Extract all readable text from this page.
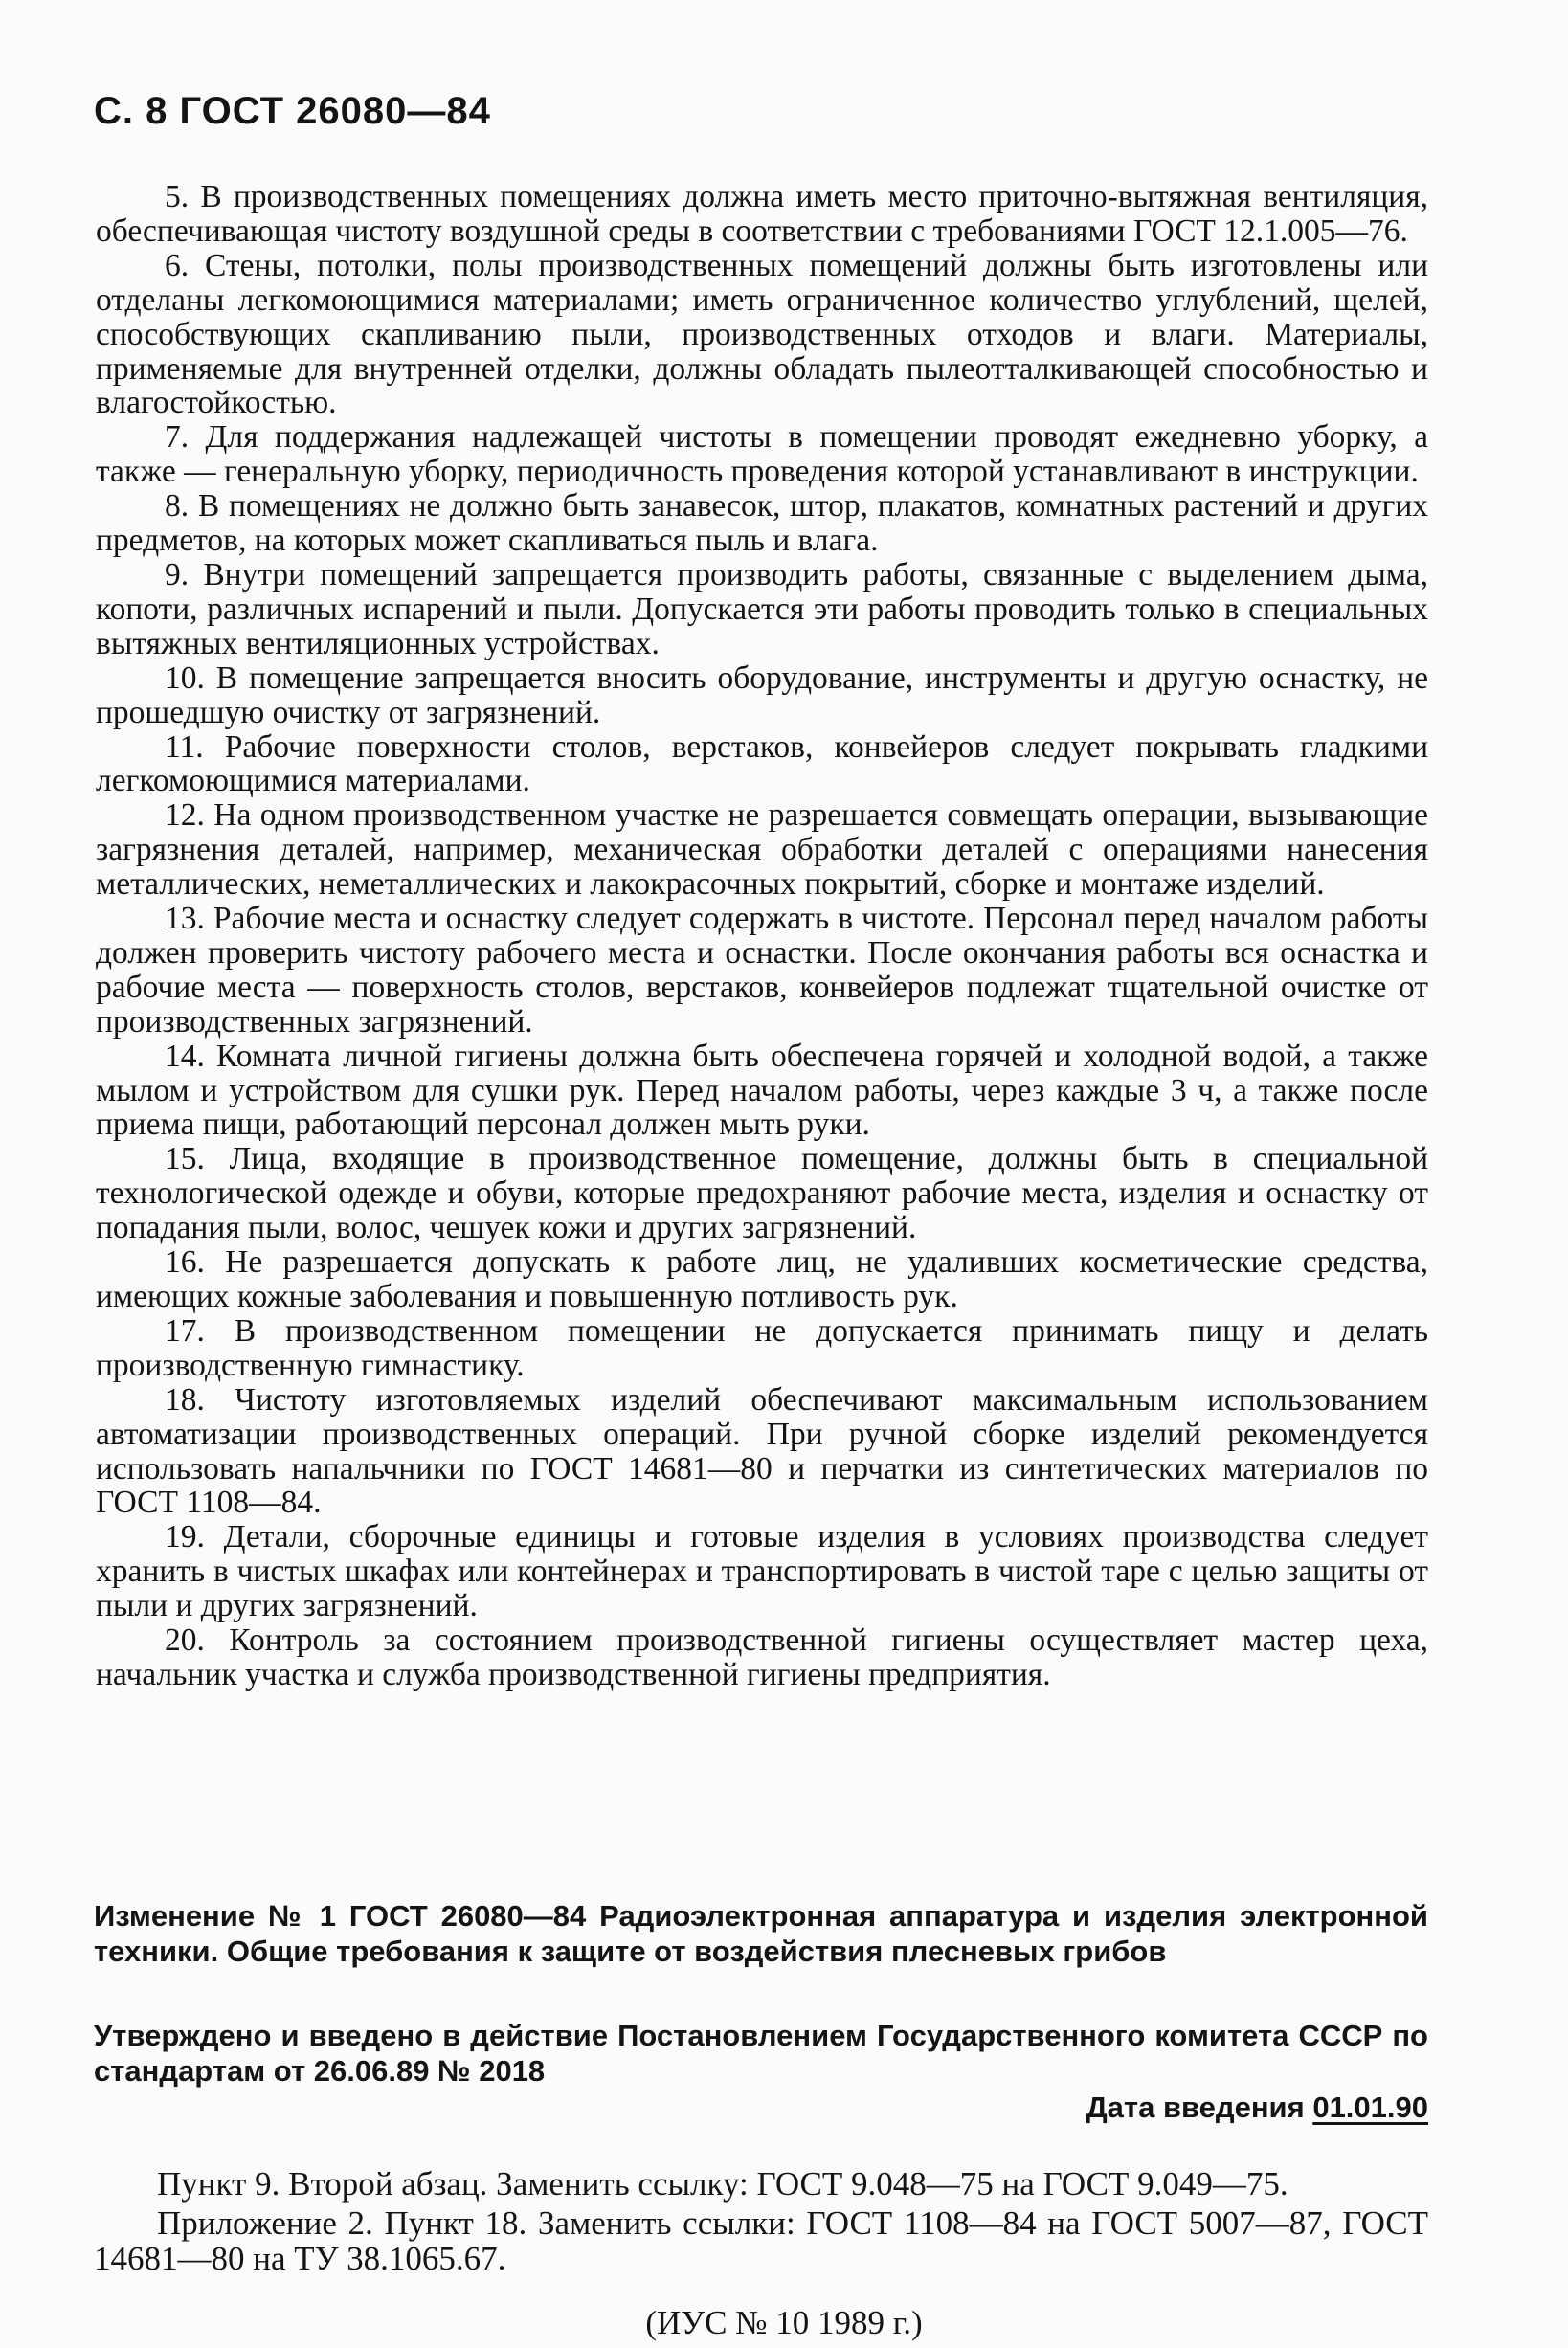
С. 8 ГОСТ 26080—84

5. В производственных помещениях должна иметь место приточно-вытяжная вентиляция, обеспечивающая чистоту воздушной среды в соответствии с требованиями ГОСТ 12.1.005—76.

6. Стены, потолки, полы производственных помещений должны быть изготовлены или отделаны легкомоющимися материалами; иметь ограниченное количество углублений, щелей, способствующих скапливанию пыли, производственных отходов и влаги. Материалы, применяемые для внутренней отделки, должны обладать пылеотталкивающей способностью и влагостойкостью.

7. Для поддержания надлежащей чистоты в помещении проводят ежедневно уборку, а также — генеральную уборку, периодичность проведения которой устанавливают в инструкции.

8. В помещениях не должно быть занавесок, штор, плакатов, комнатных растений и других предметов, на которых может скапливаться пыль и влага.

9. Внутри помещений запрещается производить работы, связанные с выделением дыма, копоти, различных испарений и пыли. Допускается эти работы проводить только в специальных вытяжных вентиляционных устройствах.

10. В помещение запрещается вносить оборудование, инструменты и другую оснастку, не прошедшую очистку от загрязнений.

11. Рабочие поверхности столов, верстаков, конвейеров следует покрывать гладкими легкомоющимися материалами.

12. На одном производственном участке не разрешается совмещать операции, вызывающие загрязнения деталей, например, механическая обработки деталей с операциями нанесения металлических, неметаллических и лакокрасочных покрытий, сборке и монтаже изделий.

13. Рабочие места и оснастку следует содержать в чистоте. Персонал перед началом работы должен проверить чистоту рабочего места и оснастки. После окончания работы вся оснастка и рабочие места — поверхность столов, верстаков, конвейеров подлежат тщательной очистке от производственных загрязнений.

14. Комната личной гигиены должна быть обеспечена горячей и холодной водой, а также мылом и устройством для сушки рук. Перед началом работы, через каждые 3 ч, а также после приема пищи, работающий персонал должен мыть руки.

15. Лица, входящие в производственное помещение, должны быть в специальной технологической одежде и обуви, которые предохраняют рабочие места, изделия и оснастку от попадания пыли, волос, чешуек кожи и других загрязнений.

16. Не разрешается допускать к работе лиц, не удаливших косметические средства, имеющих кожные заболевания и повышенную потливость рук.

17. В производственном помещении не допускается принимать пищу и делать производственную гимнастику.

18. Чистоту изготовляемых изделий обеспечивают максимальным использованием автоматизации производственных операций. При ручной сборке изделий рекомендуется использовать напальчники по ГОСТ 14681—80 и перчатки из синтетических материалов по ГОСТ 1108—84.

19. Детали, сборочные единицы и готовые изделия в условиях производства следует хранить в чистых шкафах или контейнерах и транспортировать в чистой таре с целью защиты от пыли и других загрязнений.

20. Контроль за состоянием производственной гигиены осуществляет мастер цеха, начальник участка и служба производственной гигиены предприятия.

Изменение № 1 ГОСТ 26080—84 Радиоэлектронная аппаратура и изделия электронной техники. Общие требования к защите от воздействия плесневых грибов
Утверждено и введено в действие Постановлением Государственного комитета СССР по стандартам от 26.06.89 № 2018
Дата введения 01.01.90

Пункт 9. Второй абзац. Заменить ссылку: ГОСТ 9.048—75 на ГОСТ 9.049—75.

Приложение 2. Пункт 18. Заменить ссылки: ГОСТ 1108—84 на ГОСТ 5007—87, ГОСТ 14681—80 на ТУ 38.1065.67.

(ИУС № 10 1989 г.)
